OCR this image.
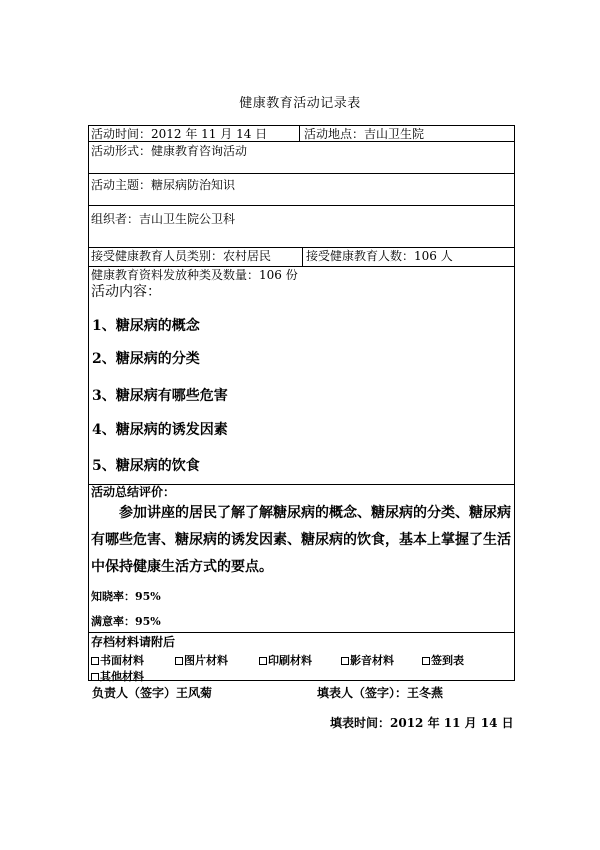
健康教育活动记录表
活动时间：2012 年 11 月 14 日	活动地点：吉山卫生院
活动形式：健康教育咨询活动
活动主题：糖尿病防治知识
组织者：吉山卫生院公卫科
接受健康教育人员类别：农村居民	接受健康教育人数：106 人
健康教育资料发放种类及数量：106 份
活动内容：
1、糖尿病的概念
2、糖尿病的分类
3、糖尿病有哪些危害
4、糖尿病的诱发因素
5、糖尿病的饮食
活动总结评价：

参加讲座的居民了解了解糖尿病的概念、糖尿病的分类、糖尿病有哪些危害、糖尿病的诱发因素、糖尿病的饮食，基本上掌握了生活中保持健康生活方式的要点。

知晓率：95%
满意率：95%
存档材料请附后
书面材料	图片材料	印刷材料	影音材料	签到表
其他材料
负责人（签字）王风菊	填表人（签字）：王冬燕
填表时间：2012 年 11 月 14 日
